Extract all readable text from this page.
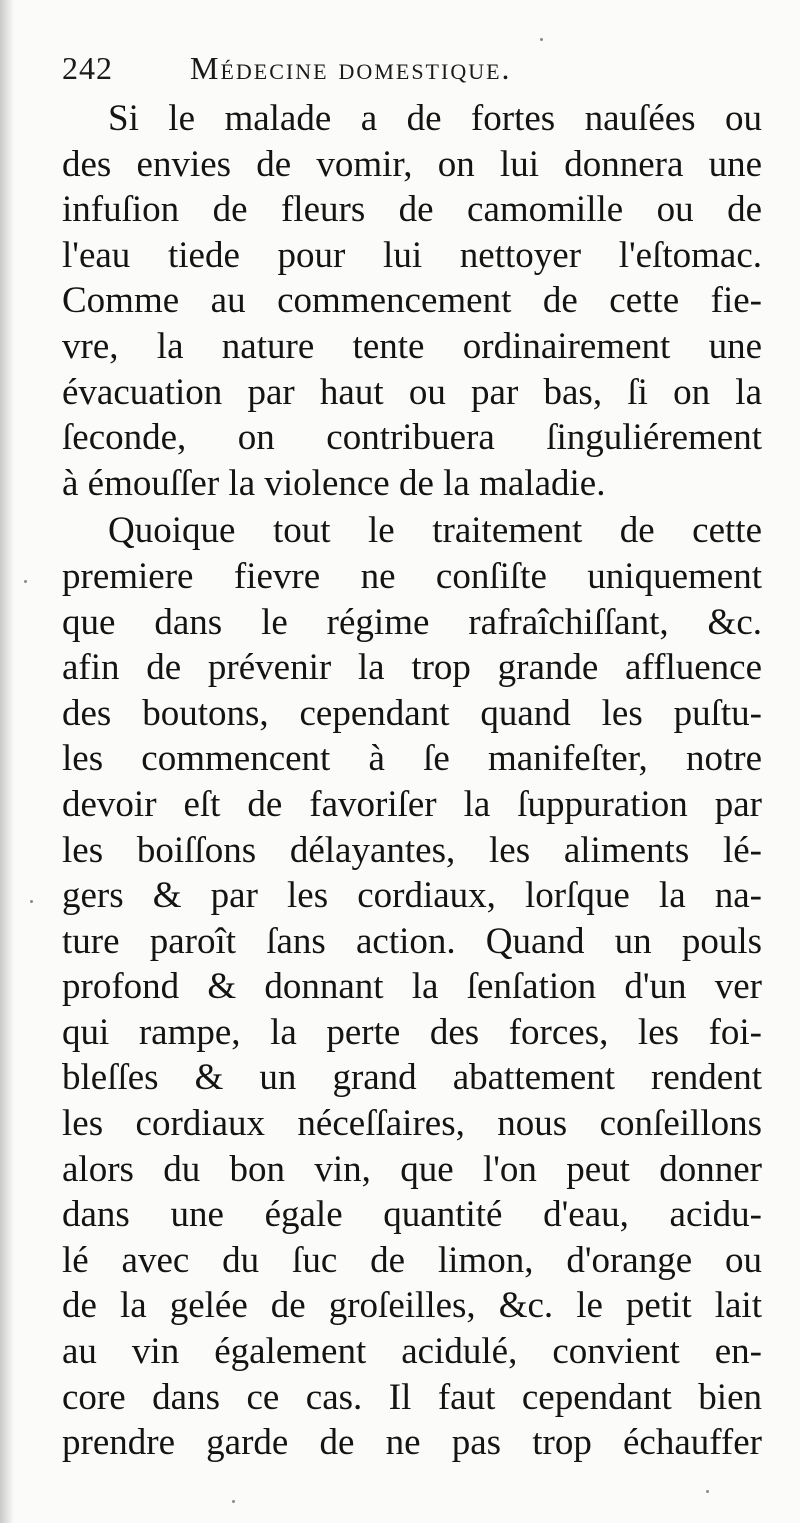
242 Médecine domestique.
Si le malade a de fortes nauſées ou
des envies de vomir, on lui donnera une
infuſion de fleurs de camomille ou de
l'eau tiede pour lui nettoyer l'eſtomac.
Comme au commencement de cette fie-
vre, la nature tente ordinairement une
évacuation par haut ou par bas, ſi on la
ſeconde, on contribuera ſinguliérement
à émouſſer la violence de la maladie.
Quoique tout le traitement de cette
premiere fievre ne conſiſte uniquement
que dans le régime rafraîchiſſant, &c.
afin de prévenir la trop grande affluence
des boutons, cependant quand les puſtu-
les commencent à ſe manifeſter, notre
devoir eſt de favoriſer la ſuppuration par
les boiſſons délayantes, les aliments lé-
gers & par les cordiaux, lorſque la na-
ture paroît ſans action. Quand un pouls
profond & donnant la ſenſation d'un ver
qui rampe, la perte des forces, les foi-
bleſſes & un grand abattement rendent
les cordiaux néceſſaires, nous conſeillons
alors du bon vin, que l'on peut donner
dans une égale quantité d'eau, acidu-
lé avec du ſuc de limon, d'orange ou
de la gelée de groſeilles, &c. le petit lait
au vin également acidulé, convient en-
core dans ce cas. Il faut cependant bien
prendre garde de ne pas trop échauffer
